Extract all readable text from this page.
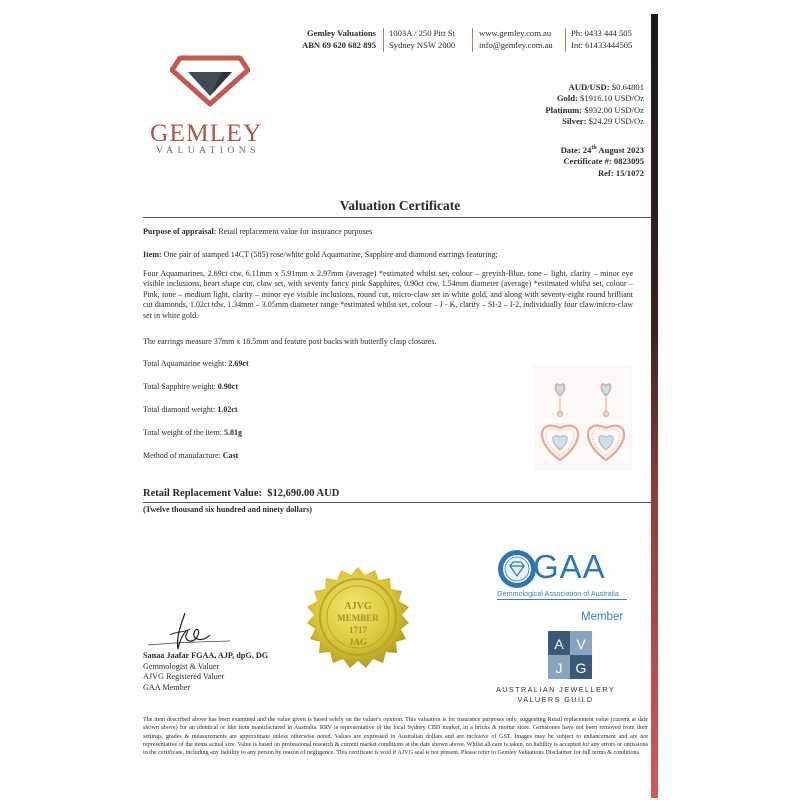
Gemley Valuations
ABN 69 620 682 895
1003A / 250 Pitt St
Sydney NSW 2000
www.gemley.com.au
info@gemley.com.au
Ph: 0433 444 505
Int: 61433444505
GEMLEY
VALUATIONS
AUD/USD: $0.64801
Gold: $1916.10 USD/Oz
Platinum: $932.00 USD/Oz
Silver: $24.29 USD/Oz
Date: 24th August 2023
Certificate #: 0823095
Ref: 15/1072
Valuation Certificate
Purpose of appraisal: Retail replacement value for insurance purposes
Item: One pair of stamped 14CT (585) rose/white gold Aquamarine, Sapphire and diamond earrings featuring;
Four Aquamarines, 2.69ct ctw, 6.11mm x 5.91mm x 2.97mm (average) *estimated whilst set, colour – greyish-Blue, tone – light, clarity – minor eye visible inclusions, heart shape cut, claw set, with seventy fancy pink Sapphires, 0.90ct ctw, 1.54mm diameter (average) *estimated whilst set, colour – Pink, tone – medium light, clarity – minor eye visible inclusions, round cut, micro-claw set in white gold, and along with seventy-eight round brilliant cut diamonds, 1.02ct tdw, 1.34mm – 3.05mm diameter range *estimated whilst set, colour – J - K, clarity – SI-2 – I-2, individually four claw/micro-claw set in white gold.
The earrings measure 37mm x 18.5mm and feature post backs with butterfly clasp closures.
Total Aquamarine weight: 2.69ct
Total Sapphire weight: 0.90ct
Total diamond weight: 1.02ct
Total weight of the item: 5.81g
Method of manufacture: Cast
Retail Replacement Value: $12,690.00 AUD
(Twelve thousand six hundred and ninety dollars)
Sanaa Jaafar FGAA, AJP, dpG, DG
Gemmologist & Valuer
AJVG Registered Valuer
GAA Member
AJVG
MEMBER
1717
JAG
GAA
Gemmological Association of Australia
Member
A V
J G
AUSTRALIAN JEWELLERY
VALUERS GUILD
The item described above has been examined and the value given is based solely on the valuer's opinion. This valuation is for insurance purposes only, suggesting Retail replacement value (current at date shown above) for an identical or like item manufactured in Australia. RRV is representative of the local Sydney CBD market, in a bricks & mortar store. Gemstones have not been removed from their settings, grades & measurements are approximate unless otherwise noted. Values are expressed in Australian dollars and are inclusive of GST. Images may be subject to enhancement and are not representative of the items actual size. Value is based on professional research & current market conditions at the date shown above. Whilst all care is taken, no liability is accepted for any errors or omissions in the certificate, including any liability to any person by reason of negligence. This certificate is void if AJVG seal is not present. Please refer to Gemley Valuations Disclaimer for full terms & conditions.
